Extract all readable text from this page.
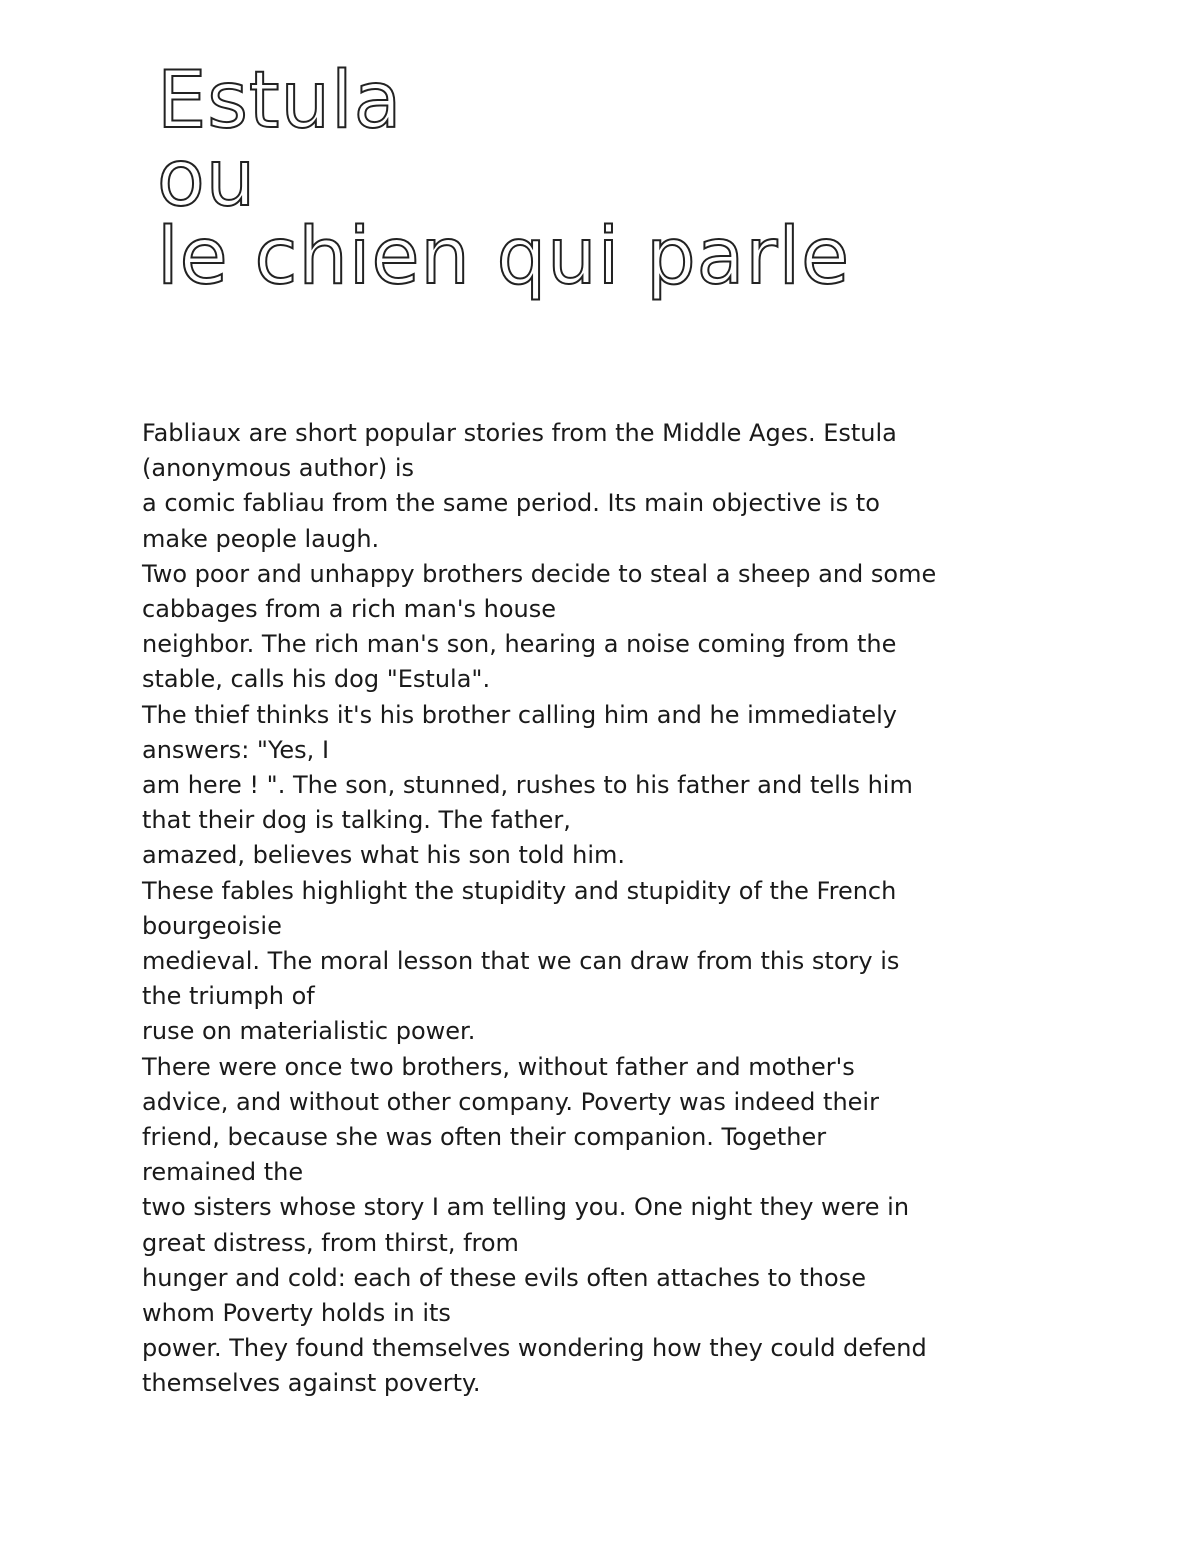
Estula
ou
le chien qui parle
Fabliaux are short popular stories from the Middle Ages. Estula
(anonymous author) is
a comic fabliau from the same period. Its main objective is to
make people laugh.
Two poor and unhappy brothers decide to steal a sheep and some
cabbages from a rich man's house
neighbor. The rich man's son, hearing a noise coming from the
stable, calls his dog "Estula".
The thief thinks it's his brother calling him and he immediately
answers: "Yes, I
am here ! ". The son, stunned, rushes to his father and tells him
that their dog is talking. The father,
amazed, believes what his son told him.
These fables highlight the stupidity and stupidity of the French
bourgeoisie
medieval. The moral lesson that we can draw from this story is
the triumph of
ruse on materialistic power.
There were once two brothers, without father and mother's
advice, and without other company. Poverty was indeed their
friend, because she was often their companion. Together
remained the
two sisters whose story I am telling you. One night they were in
great distress, from thirst, from
hunger and cold: each of these evils often attaches to those
whom Poverty holds in its
power. They found themselves wondering how they could defend
themselves against poverty.
